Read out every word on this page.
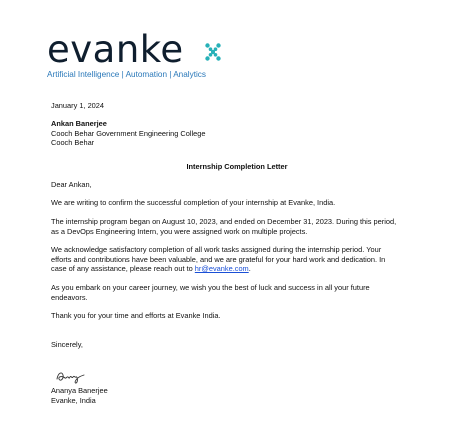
evanke
Artificial Intelligence | Automation | Analytics
January 1, 2024
Ankan Banerjee
Cooch Behar Government Engineering College
Cooch Behar
Internship Completion Letter
Dear Ankan,
We are writing to confirm the successful completion of your internship at Evanke, India.
The internship program began on August 10, 2023, and ended on December 31, 2023. During this period,
as a DevOps Engineering Intern, you were assigned work on multiple projects.
We acknowledge satisfactory completion of all work tasks assigned during the internship period. Your
efforts and contributions have been valuable, and we are grateful for your hard work and dedication. In
case of any assistance, please reach out to hr@evanke.com.
As you embark on your career journey, we wish you the best of luck and success in all your future
endeavors.
Thank you for your time and efforts at Evanke India.
Sincerely,
Ananya Banerjee
Evanke, India
